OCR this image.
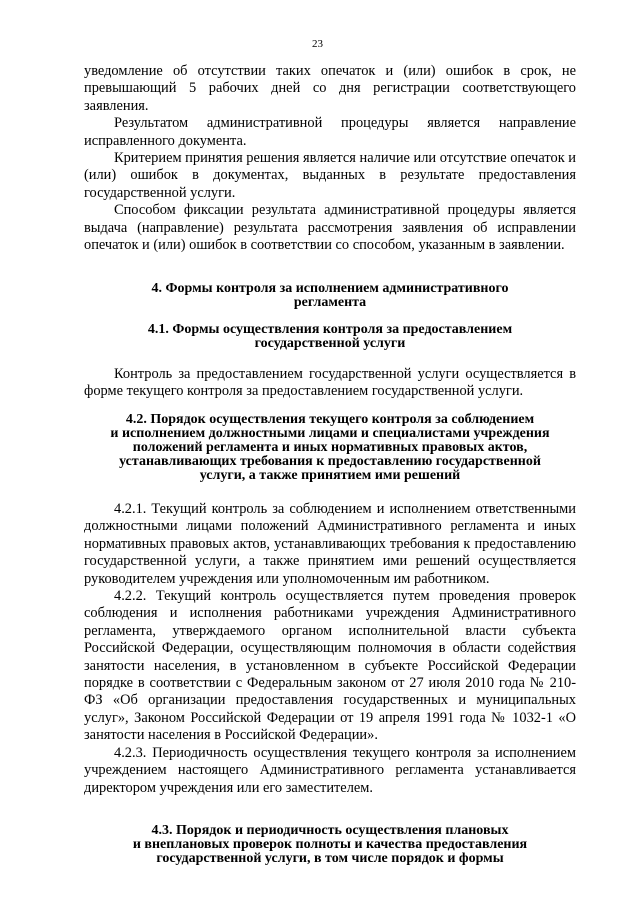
23

уведомление об отсутствии таких опечаток и (или) ошибок в срок, не превышающий 5 рабочих дней со дня регистрации соответствующего заявления.

Результатом административной процедуры является направление исправленного документа.

Критерием принятия решения является наличие или отсутствие опечаток и (или) ошибок в документах, выданных в результате предоставления государственной услуги.

Способом фиксации результата административной процедуры является выдача (направление) результата рассмотрения заявления об исправлении опечаток и (или) ошибок в соответствии со способом, указанным в заявлении.

4. Формы контроля за исполнением административного

регламента

4.1. Формы осуществления контроля за предоставлением

государственной услуги

Контроль за предоставлением государственной услуги осуществляется в форме текущего контроля за предоставлением государственной услуги.

4.2. Порядок осуществления текущего контроля за соблюдением

и исполнением должностными лицами и специалистами учреждения

положений регламента и иных нормативных правовых актов,

устанавливающих требования к предоставлению государственной

услуги, а также принятием ими решений

4.2.1. Текущий контроль за соблюдением и исполнением ответственными должностными лицами положений Административного регламента и иных нормативных правовых актов, устанавливающих требования к предоставлению государственной услуги, а также принятием ими решений осуществляется руководителем учреждения или уполномоченным им работником.

4.2.2. Текущий контроль осуществляется путем проведения проверок соблюдения и исполнения работниками учреждения Административного регламента, утверждаемого органом исполнительной власти субъекта Российской Федерации, осуществляющим полномочия в области содействия занятости населения, в установленном в субъекте Российской Федерации порядке в соответствии с Федеральным законом от 27 июля 2010 года № 210-ФЗ «Об организации предоставления государственных и муниципальных услуг», Законом Российской Федерации от 19 апреля 1991 года № 1032-1 «О занятости населения в Российской Федерации».

4.2.3. Периодичность осуществления текущего контроля за исполнением учреждением настоящего Административного регламента устанавливается директором учреждения или его заместителем.

4.3. Порядок и периодичность осуществления плановых

и внеплановых проверок полноты и качества предоставления

государственной услуги, в том числе порядок и формы
